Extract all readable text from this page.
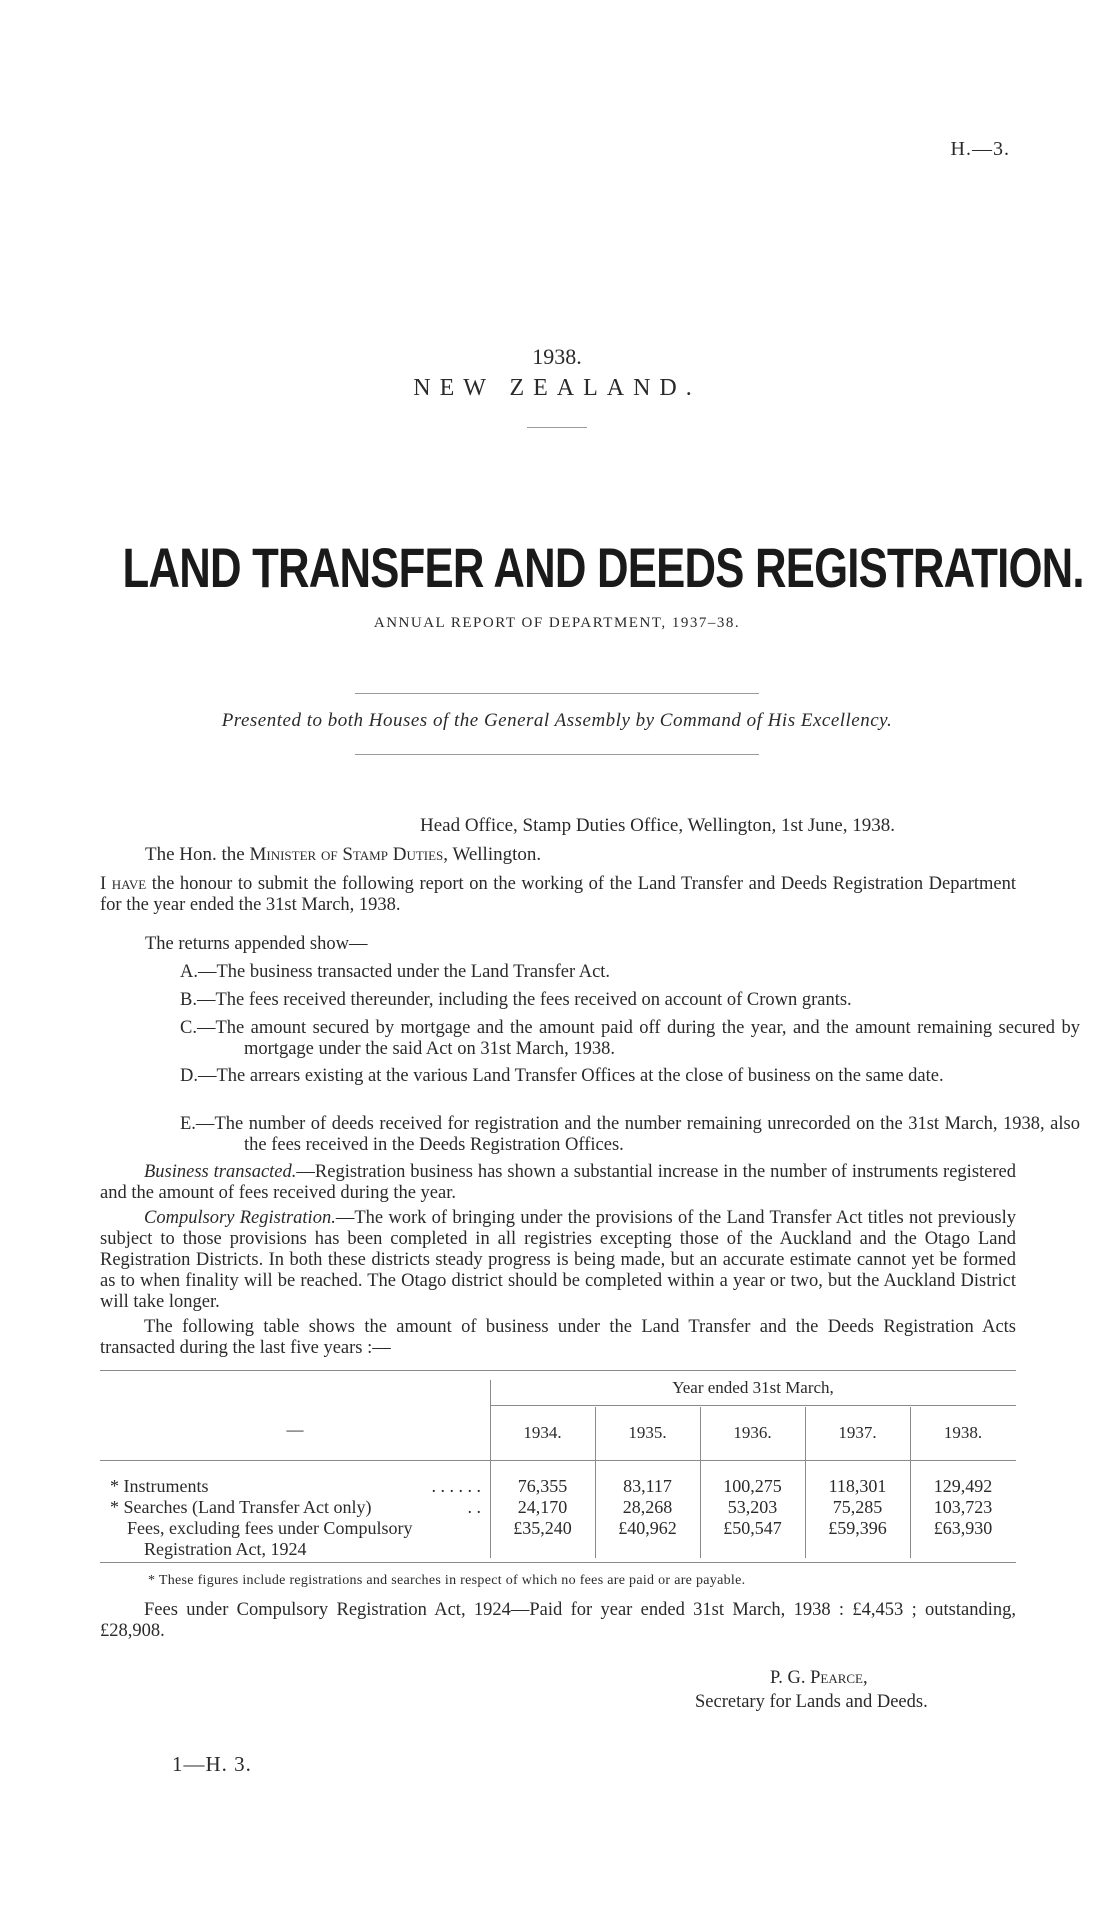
H.—3.
1938.
NEW ZEALAND.
LAND TRANSFER AND DEEDS REGISTRATION.
ANNUAL REPORT OF DEPARTMENT, 1937–38.
Presented to both Houses of the General Assembly by Command of His Excellency.
Head Office, Stamp Duties Office, Wellington, 1st June, 1938.
The Hon. the Minister of Stamp Duties, Wellington.
I have the honour to submit the following report on the working of the Land Transfer and Deeds Registration Department for the year ended the 31st March, 1938.
The returns appended show—
A.—The business transacted under the Land Transfer Act.
B.—The fees received thereunder, including the fees received on account of Crown grants.
C.—The amount secured by mortgage and the amount paid off during the year, and the amount remaining secured by mortgage under the said Act on 31st March, 1938.
D.—The arrears existing at the various Land Transfer Offices at the close of business on the same date.
E.—The number of deeds received for registration and the number remaining unrecorded on the 31st March, 1938, also the fees received in the Deeds Registration Offices.
Business transacted.—Registration business has shown a substantial increase in the number of instruments registered and the amount of fees received during the year.
Compulsory Registration.—The work of bringing under the provisions of the Land Transfer Act titles not previously subject to those provisions has been completed in all registries excepting those of the Auckland and the Otago Land Registration Districts. In both these districts steady progress is being made, but an accurate estimate cannot yet be formed as to when finality will be reached. The Otago district should be completed within a year or two, but the Auckland District will take longer.
The following table shows the amount of business under the Land Transfer and the Deeds Registration Acts transacted during the last five years :—
Year ended 31st March,
—	1934.	1935.	1936.	1937.	1938.
* Instruments	. . . . . .	76,355	83,117	100,275	118,301	129,492
* Searches (Land Transfer Act only)	. .	24,170	28,268	53,203	75,285	103,723
Fees, excluding fees under Compulsory
Registration Act, 1924
£35,240	£40,962	£50,547	£59,396	£63,930
* These figures include registrations and searches in respect of which no fees are paid or are payable.
Fees under Compulsory Registration Act, 1924—Paid for year ended 31st March, 1938 : £4,453 ; outstanding, £28,908.
P. G. Pearce,
Secretary for Lands and Deeds.
1—H. 3.
